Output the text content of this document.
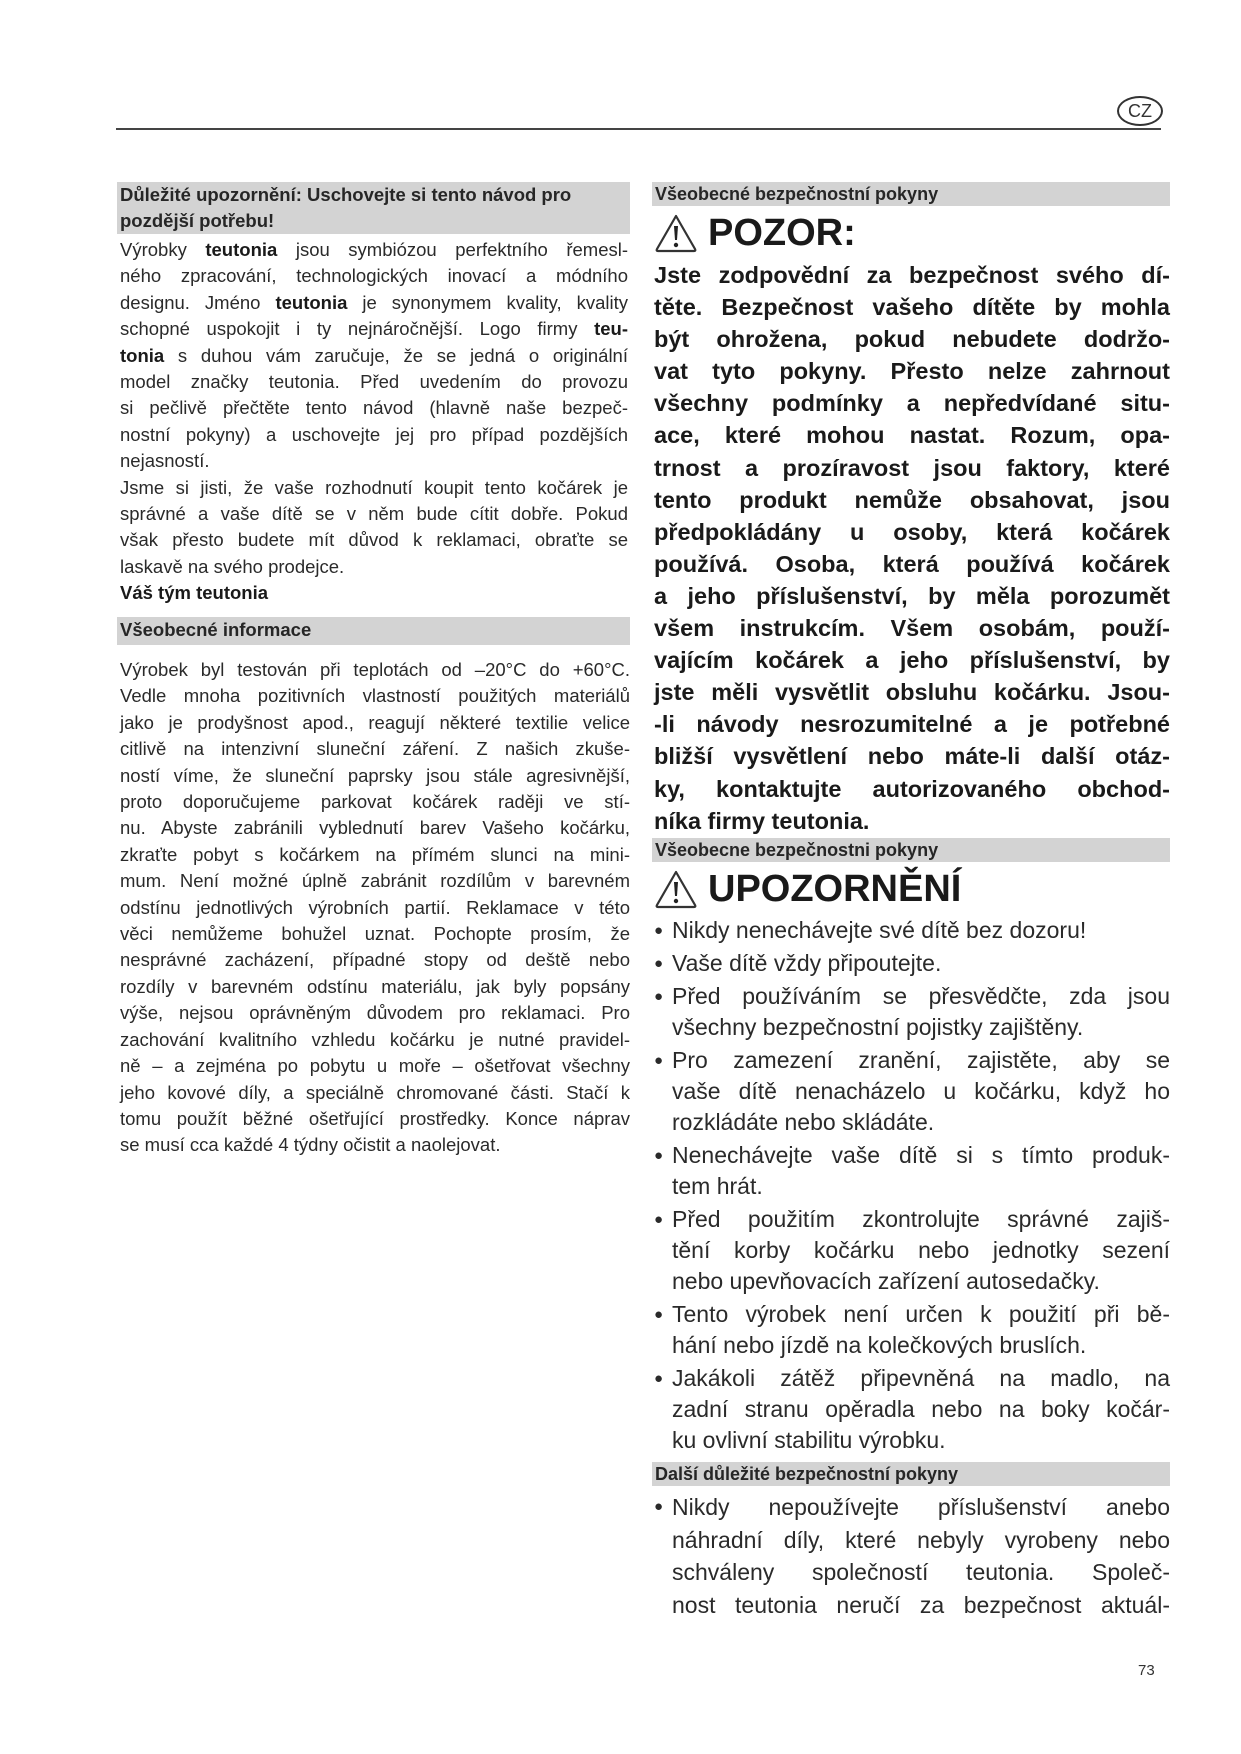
CZ
Důležité upozornění: Uschovejte si tento návod pro
pozdější potřebu!
Výrobky teutonia jsou symbiózou perfektního řemesl-
ného zpracování, technologických inovací a módního
designu. Jméno teutonia je synonymem kvality, kvality
schopné uspokojit i ty nejnáročnější. Logo firmy teu-
tonia s duhou vám zaručuje, že se jedná o originální
model značky teutonia. Před uvedením do provozu
si pečlivě přečtěte tento návod (hlavně naše bezpeč-
nostní pokyny) a uschovejte jej pro případ pozdějších
nejasností.
Jsme si jisti, že vaše rozhodnutí koupit tento kočárek je
správné a vaše dítě se v něm bude cítit dobře. Pokud
však přesto budete mít důvod k reklamaci, obraťte se
laskavě na svého prodejce.
Váš tým teutonia
Všeobecné informace
Výrobek byl testován při teplotách od –20°C do +60°C.
Vedle mnoha pozitivních vlastností použitých materiálů
jako je prodyšnost apod., reagují některé textilie velice
citlivě na intenzivní sluneční záření. Z našich zkuše-
ností víme, že sluneční paprsky jsou stále agresivnější,
proto doporučujeme parkovat kočárek raději ve stí-
nu. Abyste zabránili vyblednutí barev Vašeho kočárku,
zkraťte pobyt s kočárkem na přímém slunci na mini-
mum. Není možné úplně zabránit rozdílům v barevném
odstínu jednotlivých výrobních partií. Reklamace v této
věci nemůžeme bohužel uznat. Pochopte prosím, že
nesprávné zacházení, případné stopy od deště nebo
rozdíly v barevném odstínu materiálu, jak byly popsány
výše, nejsou oprávněným důvodem pro reklamaci. Pro
zachování kvalitního vzhledu kočárku je nutné pravidel-
ně – a zejména po pobytu u moře – ošetřovat všechny
jeho kovové díly, a speciálně chromované části. Stačí k
tomu použít běžné ošetřující prostředky. Konce náprav
se musí cca každé 4 týdny očistit a naolejovat.
Všeobecné bezpečnostní pokyny
POZOR:
Jste zodpovědní za bezpečnost svého dí-
těte. Bezpečnost vašeho dítěte by mohla
být ohrožena, pokud nebudete dodržo-
vat tyto pokyny. Přesto nelze zahrnout
všechny podmínky a nepředvídané situ-
ace, které mohou nastat. Rozum, opa-
trnost a prozíravost jsou faktory, které
tento produkt nemůže obsahovat, jsou
předpokládány u osoby, která kočárek
používá. Osoba, která používá kočárek
a jeho příslušenství, by měla porozumět
všem instrukcím. Všem osobám, použí-
vajícím kočárek a jeho příslušenství, by
jste měli vysvětlit obsluhu kočárku. Jsou-
-li návody nesrozumitelné a je potřebné
bližší vysvětlení nebo máte-li další otáz-
ky, kontaktujte autorizovaného obchod-
níka firmy teutonia.
Všeobecne bezpečnostni pokyny
UPOZORNĚNÍ
● Nikdy nenechávejte své dítě bez dozoru!
● Vaše dítě vždy připoutejte.
● Před používáním se přesvědčte, zda jsou
všechny bezpečnostní pojistky zajištěny.
● Pro zamezení zranění, zajistěte, aby se
vaše dítě nenacházelo u kočárku, když ho
rozkládáte nebo skládáte.
● Nenechávejte vaše dítě si s tímto produk-
tem hrát.
● Před použitím zkontrolujte správné zajiš-
tění korby kočárku nebo jednotky sezení
nebo upevňovacích zařízení autosedačky.
● Tento výrobek není určen k použití při bě-
hání nebo jízdě na kolečkových bruslích.
● Jakákoli zátěž připevněná na madlo, na
zadní stranu opěradla nebo na boky kočár-
ku ovlivní stabilitu výrobku.
Další důležité bezpečnostní pokyny
● Nikdy nepoužívejte příslušenství anebo
náhradní díly, které nebyly vyrobeny nebo
schváleny společností teutonia. Společ-
nost teutonia neručí za bezpečnost aktuál-
73
